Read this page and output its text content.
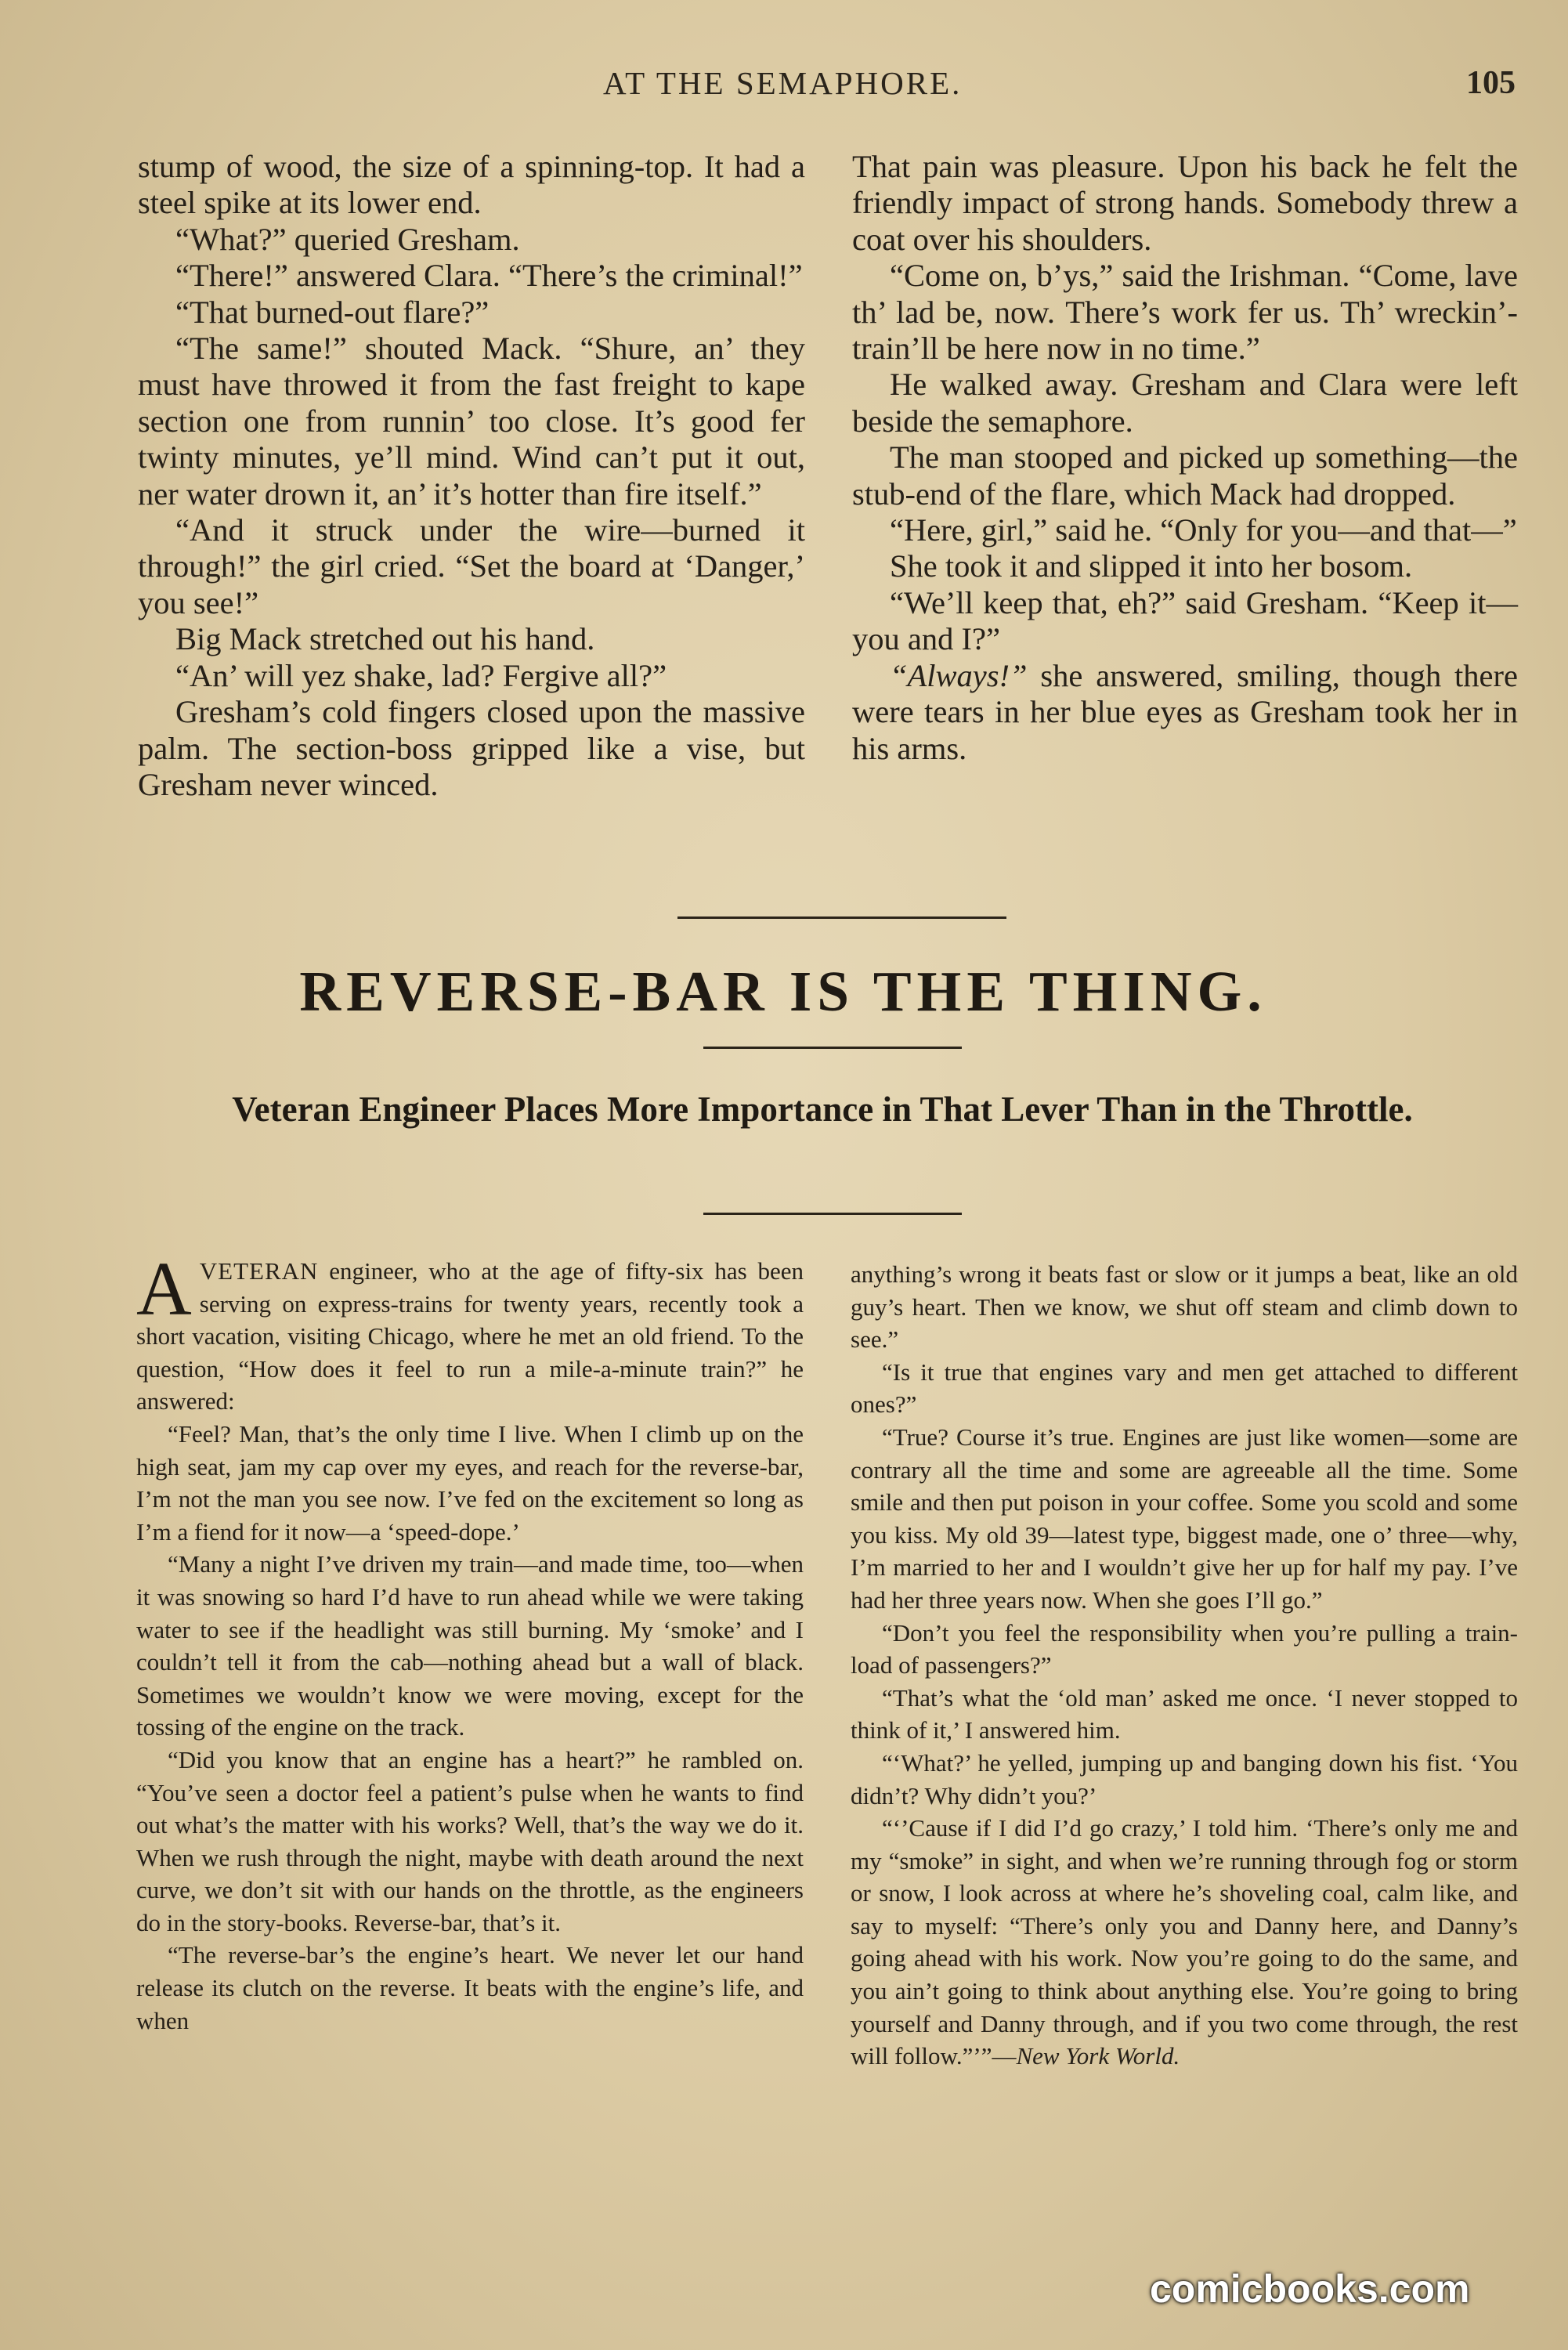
AT THE SEMAPHORE.	105

stump of wood, the size of a spinning-top. It had a steel spike at its lower end.

“What?” queried Gresham.

“There!” answered Clara. “There’s the criminal!”

“That burned-out flare?”

“The same!” shouted Mack. “Shure, an’ they must have throwed it from the fast freight to kape section one from runnin’ too close. It’s good fer twinty minutes, ye’ll mind. Wind can’t put it out, ner water drown it, an’ it’s hotter than fire itself.”

“And it struck under the wire—burned it through!” the girl cried. “Set the board at ‘Danger,’ you see!”

Big Mack stretched out his hand.

“An’ will yez shake, lad? Fergive all?”

Gresham’s cold fingers closed upon the massive palm. The section-boss gripped like a vise, but Gresham never winced.

That pain was pleasure. Upon his back he felt the friendly impact of strong hands. Somebody threw a coat over his shoulders.

“Come on, b’ys,” said the Irishman. “Come, lave th’ lad be, now. There’s work fer us. Th’ wreckin’-train’ll be here now in no time.”

He walked away. Gresham and Clara were left beside the semaphore.

The man stooped and picked up something—the stub-end of the flare, which Mack had dropped.

“Here, girl,” said he. “Only for you—and that—”

She took it and slipped it into her bosom.

“We’ll keep that, eh?” said Gresham. “Keep it—you and I?”

“Always!” she answered, smiling, though there were tears in her blue eyes as Gresham took her in his arms.

REVERSE-BAR IS THE THING.
Veteran Engineer Places More Importance in That Lever Than in the Throttle.

AVETERAN engineer, who at the age of fifty-six has been serving on express-trains for twenty years, recently took a short vacation, visiting Chicago, where he met an old friend. To the question, “How does it feel to run a mile-a-minute train?” he answered:

“Feel? Man, that’s the only time I live. When I climb up on the high seat, jam my cap over my eyes, and reach for the reverse-bar, I’m not the man you see now. I’ve fed on the excitement so long as I’m a fiend for it now—a ‘speed-dope.’

“Many a night I’ve driven my train—and made time, too—when it was snowing so hard I’d have to run ahead while we were taking water to see if the headlight was still burning. My ‘smoke’ and I couldn’t tell it from the cab—nothing ahead but a wall of black. Sometimes we wouldn’t know we were moving, except for the tossing of the engine on the track.

“Did you know that an engine has a heart?” he rambled on. “You’ve seen a doctor feel a patient’s pulse when he wants to find out what’s the matter with his works? Well, that’s the way we do it. When we rush through the night, maybe with death around the next curve, we don’t sit with our hands on the throttle, as the engineers do in the story-books. Reverse-bar, that’s it.

“The reverse-bar’s the engine’s heart. We never let our hand release its clutch on the reverse. It beats with the engine’s life, and when

anything’s wrong it beats fast or slow or it jumps a beat, like an old guy’s heart. Then we know, we shut off steam and climb down to see.”

“Is it true that engines vary and men get attached to different ones?”

“True? Course it’s true. Engines are just like women—some are contrary all the time and some are agreeable all the time. Some smile and then put poison in your coffee. Some you scold and some you kiss. My old 39—latest type, biggest made, one o’ three—why, I’m married to her and I wouldn’t give her up for half my pay. I’ve had her three years now. When she goes I’ll go.”

“Don’t you feel the responsibility when you’re pulling a train-load of passengers?”

“That’s what the ‘old man’ asked me once. ‘I never stopped to think of it,’ I answered him.

“‘What?’ he yelled, jumping up and banging down his fist. ‘You didn’t? Why didn’t you?’

“‘’Cause if I did I’d go crazy,’ I told him. ‘There’s only me and my “smoke” in sight, and when we’re running through fog or storm or snow, I look across at where he’s shoveling coal, calm like, and say to myself: “There’s only you and Danny here, and Danny’s going ahead with his work. Now you’re going to do the same, and you ain’t going to think about anything else. You’re going to bring yourself and Danny through, and if you two come through, the rest will follow.”’”—New York World.

comicbooks.com
